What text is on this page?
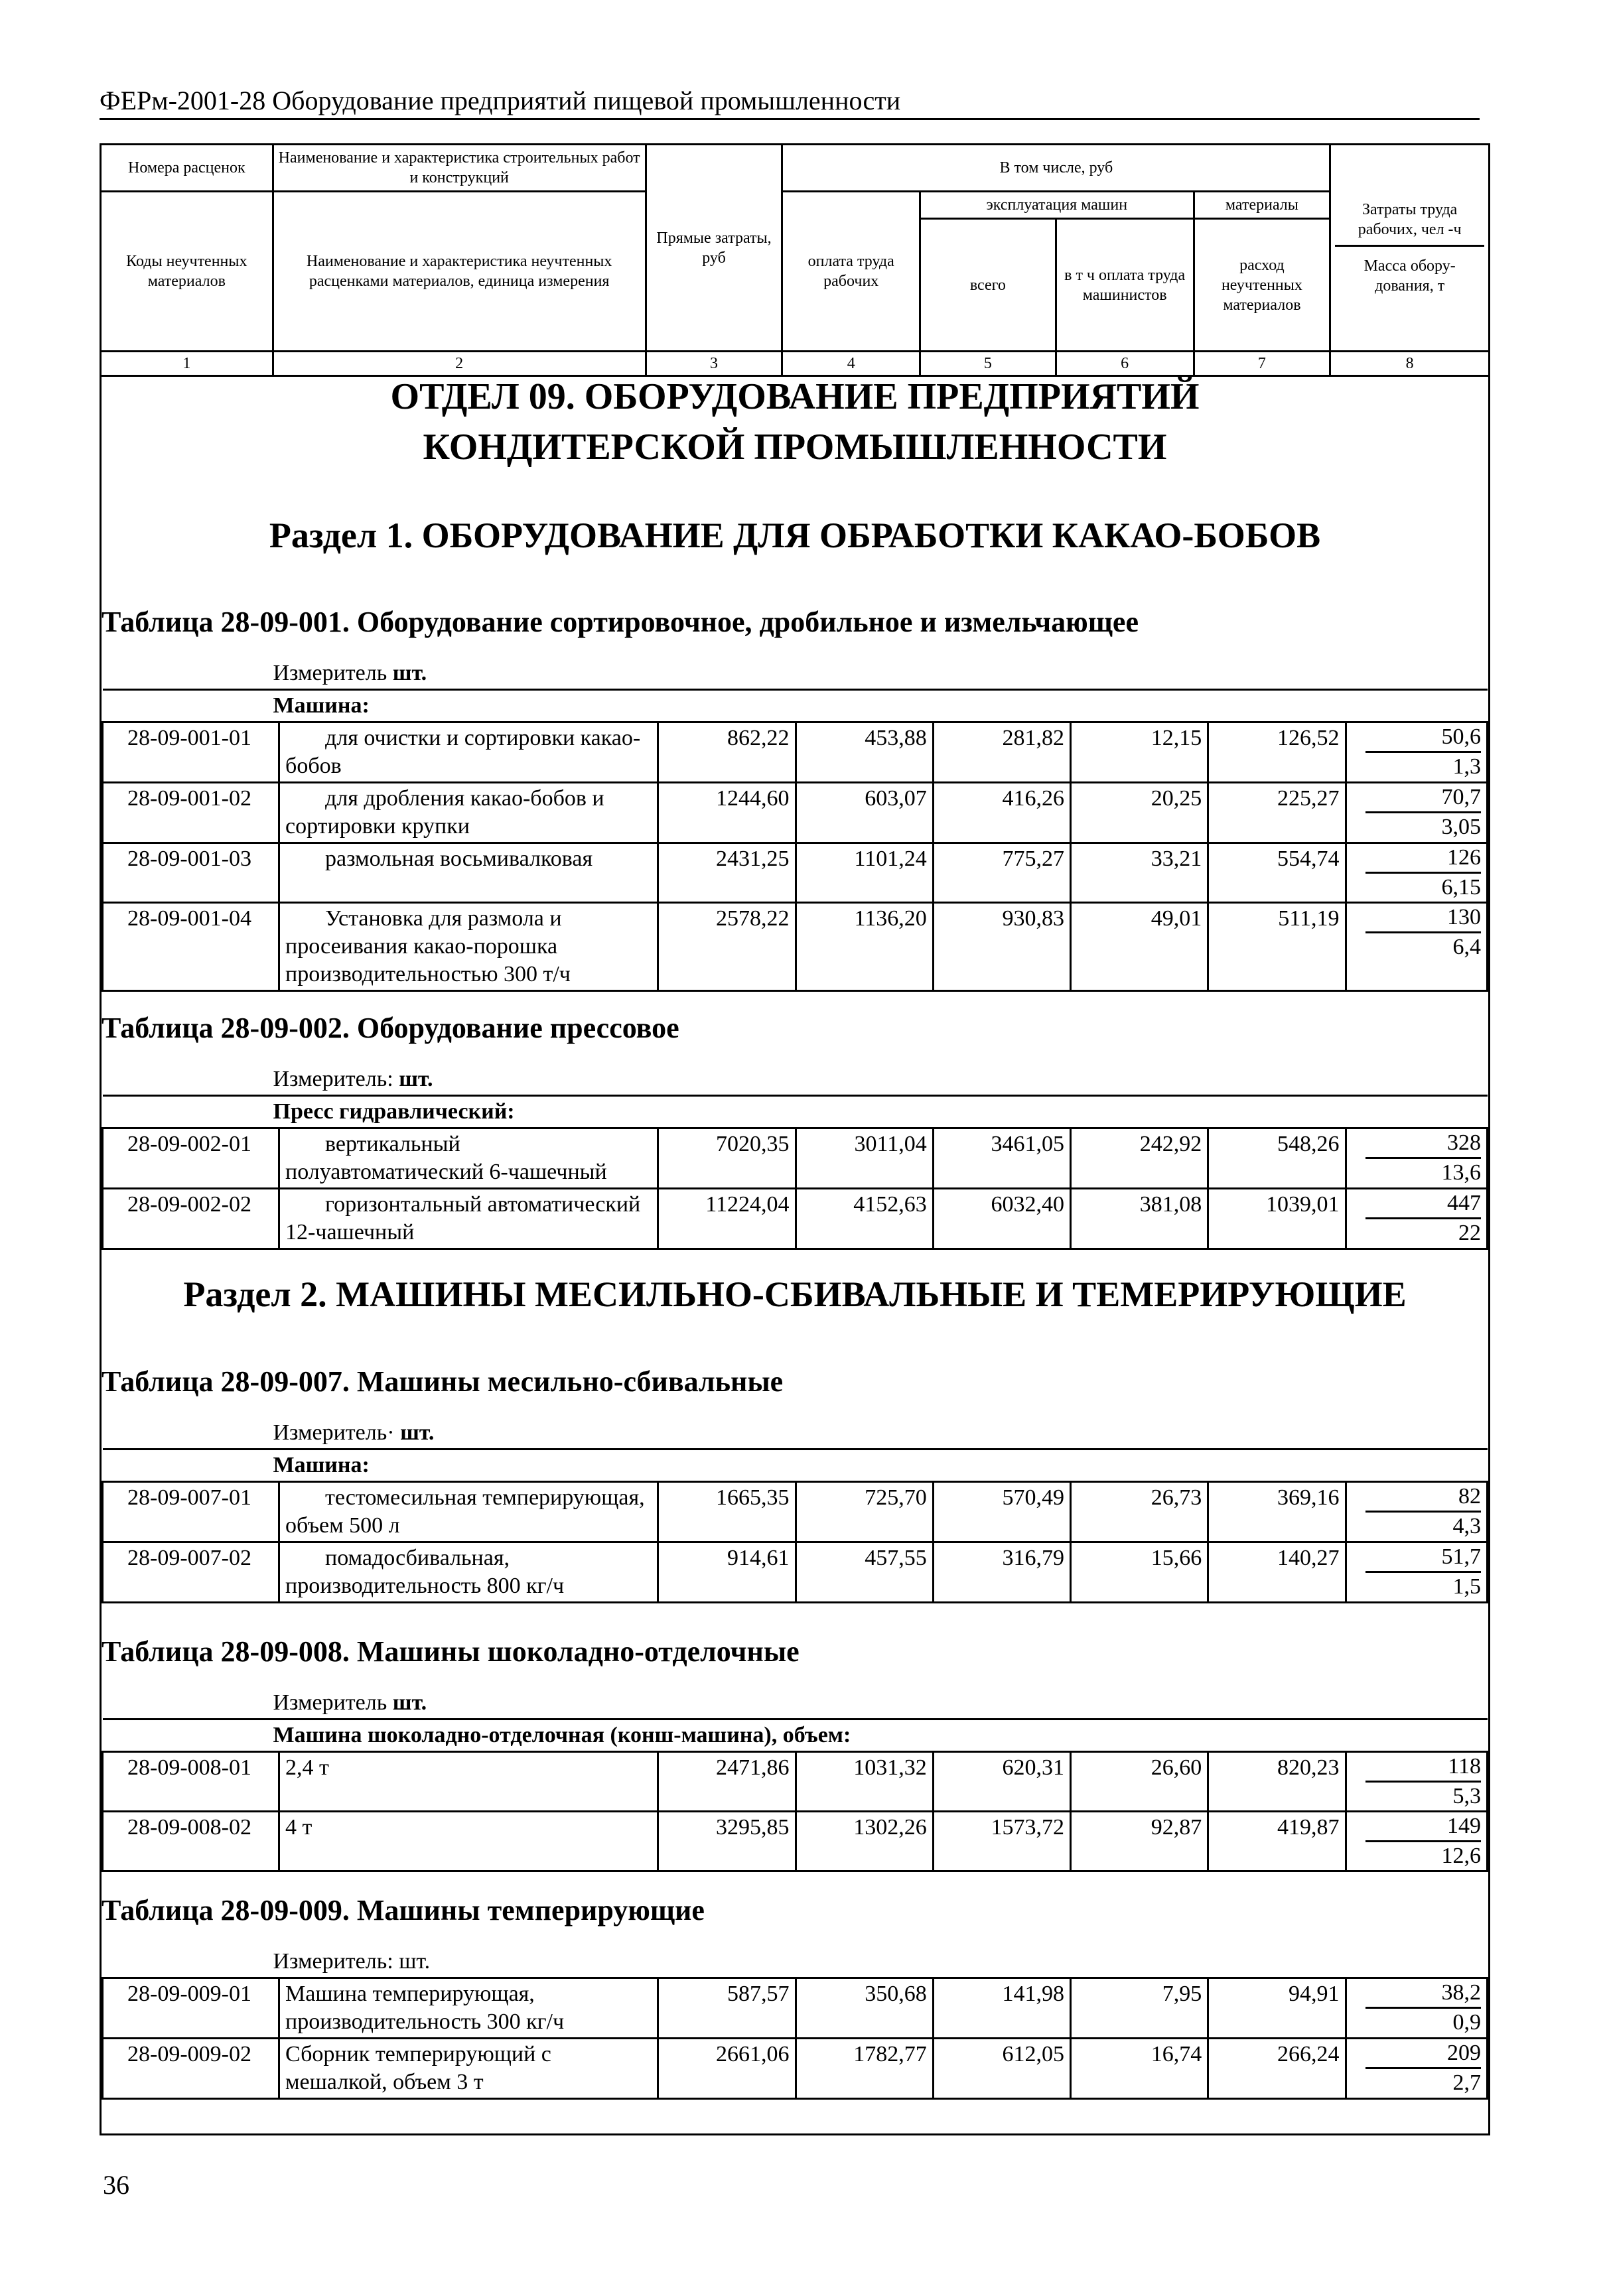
ФЕРм-2001-28 Оборудование предприятий пищевой промышленности
Номера расценок	Наименование и характеристика строительных работ и конструкций	Прямые затраты, руб	В том числе, руб				Затраты труда рабочих, чел -ч
Масса обору-дования, т

Коды неучтенных материалов	Наименование и характеристика неучтенных расценками материалов, единица измерения		оплата труда рабочих	эксплуатация машин		материалы	
				всего	в т ч оплата труда машинистов	расход неучтенных материалов	
1	2	3	4	5	6	7	8
ОТДЕЛ 09. ОБОРУДОВАНИЕ ПРЕДПРИЯТИЙ КОНДИТЕРСКОЙ ПРОМЫШЛЕННОСТИ
Раздел 1. ОБОРУДОВАНИЕ ДЛЯ ОБРАБОТКИ КАКАО-БОБОВ
Таблица 28-09-001. Оборудование сортировочное, дробильное и измельчающее
Измеритель шт.							
Машина:							
28-09-001-01	для очистки и сортировки какао-бобов	862,22	453,88	281,82	12,15	126,52	50,6
1,3

28-09-001-02	для дробления какао-бобов и сортировки крупки	1244,60	603,07	416,26	20,25	225,27	70,7
3,05

28-09-001-03	размольная восьмивалковая	2431,25	1101,24	775,27	33,21	554,74	126
6,15

28-09-001-04	Установка для размола и просеивания какао-порошка производительностью 300 т/ч	2578,22	1136,20	930,83	49,01	511,19	130
6,4
Таблица 28-09-002. Оборудование прессовое
Измеритель: шт.							
Пресс гидравлический:							
28-09-002-01	вертикальный полуавтоматический 6-чашечный	7020,35	3011,04	3461,05	242,92	548,26	328
13,6

28-09-002-02	горизонтальный автоматический 12-чашечный	11224,04	4152,63	6032,40	381,08	1039,01	447
22
Раздел 2. МАШИНЫ МЕСИЛЬНО-СБИВАЛЬНЫЕ И ТЕМЕРИРУЮЩИЕ
Таблица 28-09-007. Машины месильно-сбивальные
Измеритель· шт.							
Машина:							
28-09-007-01	тестомесильная темперирующая, объем 500 л	1665,35	725,70	570,49	26,73	369,16	82
4,3

28-09-007-02	помадосбивальная, производительность 800 кг/ч	914,61	457,55	316,79	15,66	140,27	51,7
1,5
Таблица 28-09-008. Машины шоколадно-отделочные
Измеритель шт.							
Машина шоколадно-отделочная (конш-машина), объем:							
28-09-008-01	2,4 т	2471,86	1031,32	620,31	26,60	820,23	118
5,3

28-09-008-02	4 т	3295,85	1302,26	1573,72	92,87	419,87	149
12,6
Таблица 28-09-009. Машины темперирующие
Измеритель: шт.							
28-09-009-01	Машина темперирующая, производительность 300 кг/ч	587,57	350,68	141,98	7,95	94,91	38,2
0,9

28-09-009-02	Сборник темперирующий с мешалкой, объем 3 т	2661,06	1782,77	612,05	16,74	266,24	209
2,7
36
